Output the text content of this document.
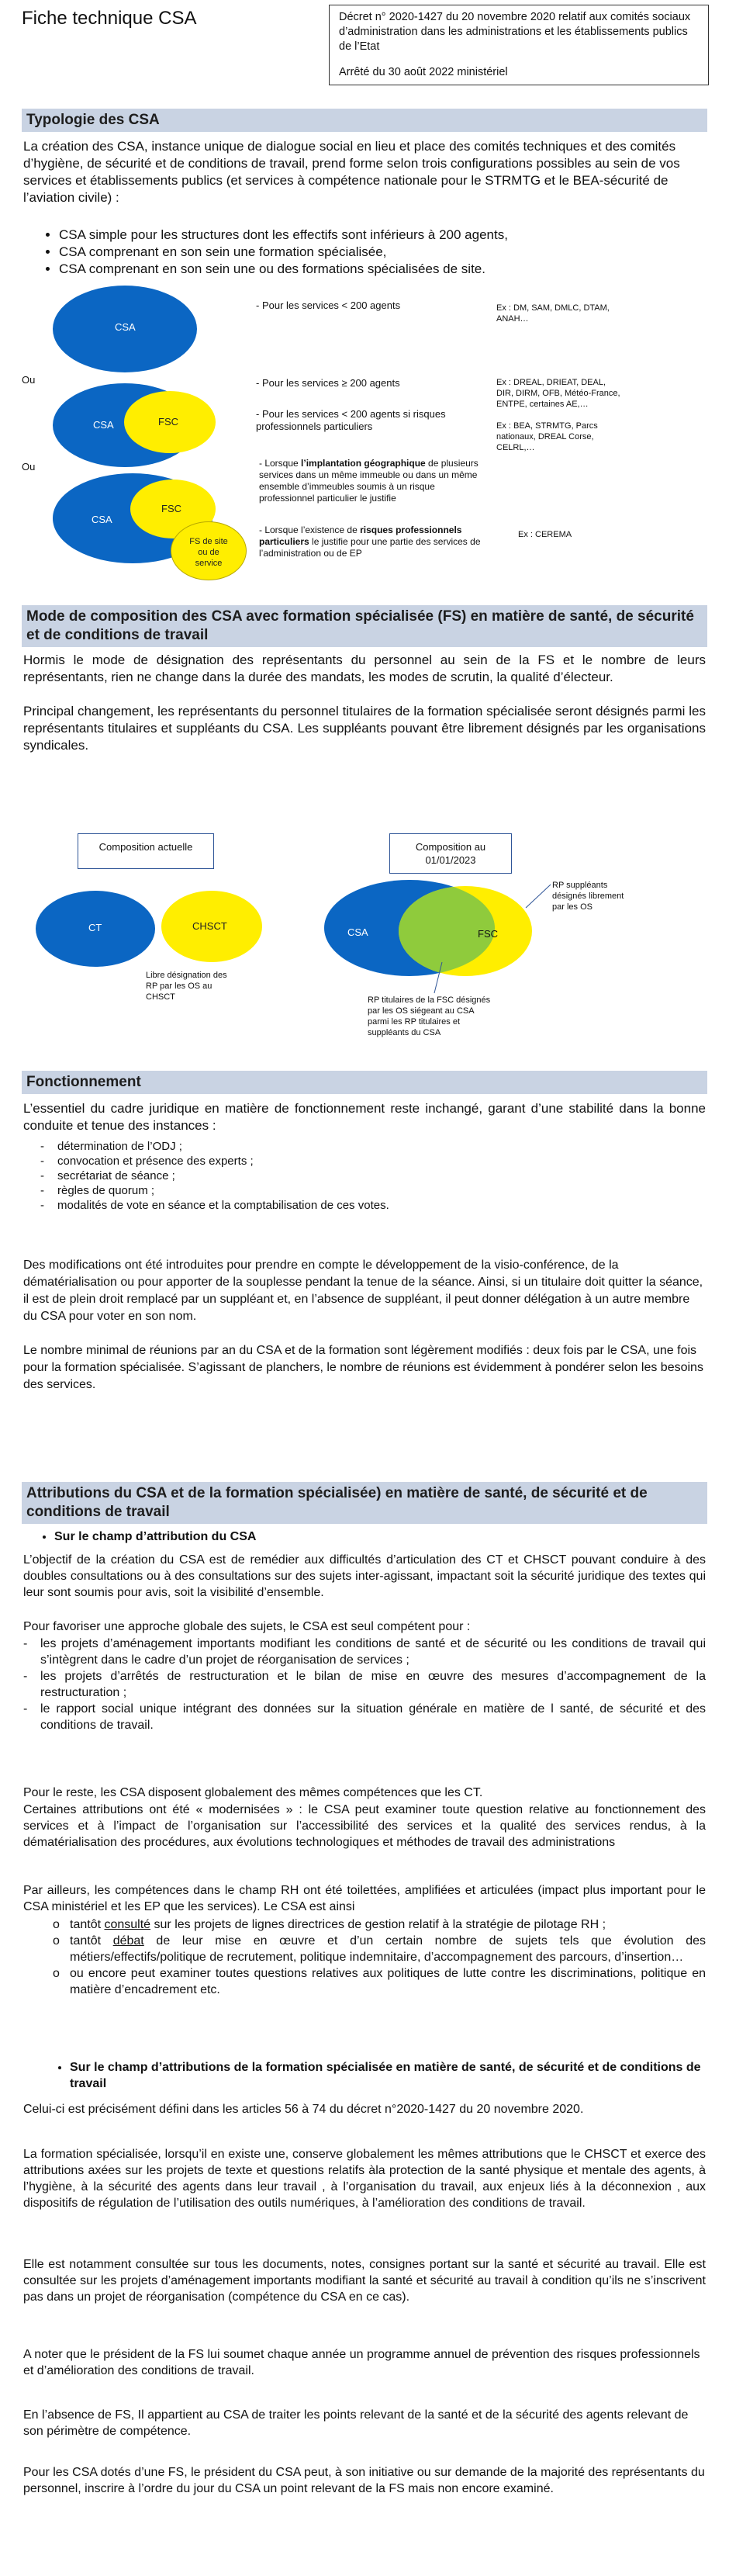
Fiche technique CSA	Décret n° 2020-1427 du 20 novembre 2020 relatif aux comités sociaux d’administration dans les administrations et les établissements publics de l’Etat
Arrêté du 30 août 2022 ministériel
Typologie des CSA
La création des CSA, instance unique de dialogue social en lieu et place des comités techniques et des comités d’hygiène, de sécurité et de conditions de travail, prend forme selon trois configurations possibles au sein de vos services et établissements publics (et services à compétence nationale pour le STRMTG et le BEA-sécurité de l’aviation civile) :
• CSA simple pour les structures dont les effectifs sont inférieurs à 200 agents,
• CSA comprenant en son sein une formation spécialisée,
• CSA comprenant en son sein une ou des formations spécialisées de site.
CSA
Ou
CSA	FSC
Ou
CSA
FSC
FS de site ou de service
- Pour les services < 200 agents	Ex : DM, SAM, DMLC, DTAM, ANAH…
- Pour les services ≥ 200 agents
- Pour les services < 200 agents si risques professionnels particuliers
Ex : DREAL, DRIEAT, DEAL, DIR, DIRM, OFB, Météo-France, ENTPE, certaines AE,…
Ex : BEA, STRMTG, Parcs nationaux, DREAL Corse, CELRL,…
- Lorsque l’implantation géographique de plusieurs services dans un même immeuble ou dans un même ensemble d’immeubles soumis à un risque professionnel particulier le justifie
- Lorsque l’existence de risques professionnels particuliers le justifie pour une partie des services de l’administration ou de EP
Ex : CEREMA
Mode de composition des CSA avec formation spécialisée (FS) en matière de santé, de sécurité et de conditions de travail
Hormis le mode de désignation des représentants du personnel au sein de la FS et le nombre de leurs représentants, rien ne change dans la durée des mandats, les modes de scrutin, la qualité d’électeur.
Principal changement, les représentants du personnel titulaires de la formation spécialisée seront désignés parmi les représentants titulaires et suppléants du CSA. Les suppléants pouvant être librement désignés par les organisations syndicales.
Composition actuelle	Composition au 01/01/2023
CT	CHSCT
Libre désignation des RP par les OS au CHSCT
CSA	FSC
RP suppléants désignés librement par les OS
RP titulaires de la FSC désignés par les OS siégeant au CSA parmi les RP titulaires et suppléants du CSA
Fonctionnement
L’essentiel du cadre juridique en matière de fonctionnement reste inchangé, garant d’une stabilité dans la bonne conduite et tenue des instances :
- détermination de l’ODJ ;
- convocation et présence des experts ;
- secrétariat de séance ;
- règles de quorum ;
- modalités de vote en séance et la comptabilisation de ces votes.
Des modifications ont été introduites pour prendre en compte le développement de la visio-conférence, de la dématérialisation ou pour apporter de la souplesse pendant la tenue de la séance. Ainsi, si un titulaire doit quitter la séance, il est de plein droit remplacé par un suppléant et, en l’absence de suppléant, il peut donner délégation à un autre membre du CSA pour voter en son nom.
Le nombre minimal de réunions par an du CSA et de la formation sont légèrement modifiés : deux fois par le CSA, une fois pour la formation spécialisée. S’agissant de planchers, le nombre de réunions est évidemment à pondérer selon les besoins des services.
Attributions du CSA et de la formation spécialisée) en matière de santé, de sécurité et de conditions de travail
• Sur le champ d’attribution du CSA
L’objectif de la création du CSA est de remédier aux difficultés d’articulation des CT et CHSCT pouvant conduire à des doubles consultations ou à des consultations sur des sujets inter-agissant, impactant soit la sécurité juridique des textes qui leur sont soumis pour avis, soit la visibilité d’ensemble.
Pour favoriser une approche globale des sujets, le CSA est seul compétent pour :
- les projets d’aménagement importants modifiant les conditions de santé et de sécurité ou les conditions de travail qui s’intègrent dans le cadre d’un projet de réorganisation de services ;
- les projets d’arrêtés de restructuration et le bilan de mise en œuvre des mesures d’accompagnement de la restructuration ;
- le rapport social unique intégrant des données sur la situation générale en matière de l santé, de sécurité et des conditions de travail.
Pour le reste, les CSA disposent globalement des mêmes compétences que les CT.
Certaines attributions ont été « modernisées » : le CSA peut examiner toute question relative au fonctionnement des services et à l’impact de l’organisation sur l’accessibilité des services et la qualité des services rendus, à la dématérialisation des procédures, aux évolutions technologiques et méthodes de travail des administrations
Par ailleurs, les compétences dans le champ RH ont été toilettées, amplifiées et articulées (impact plus important pour le CSA ministériel et les EP que les services). Le CSA est ainsi
o tantôt consulté sur les projets de lignes directrices de gestion relatif à la stratégie de pilotage RH ;
o tantôt débat de leur mise en œuvre et d’un certain nombre de sujets tels que évolution des métiers/effectifs/politique de recrutement, politique indemnitaire, d’accompagnement des parcours, d’insertion…
o ou encore peut examiner toutes questions relatives aux politiques de lutte contre les discriminations, politique en matière d’encadrement etc.
• Sur le champ d’attributions de la formation spécialisée en matière de santé, de sécurité et de conditions de travail
Celui-ci est précisément défini dans les articles 56 à 74 du décret n°2020-1427 du 20 novembre 2020.
La formation spécialisée, lorsqu’il en existe une, conserve globalement les mêmes attributions que le CHSCT et exerce des attributions axées sur les projets de texte et questions relatifs àla protection de la santé physique et mentale des agents, à l’hygiène, à la sécurité des agents dans leur travail , à l’organisation du travail, aux enjeux liés à la déconnexion , aux dispositifs de régulation de l’utilisation des outils numériques, à l’amélioration des conditions de travail.
Elle est notamment consultée sur tous les documents, notes, consignes portant sur la santé et sécurité au travail. Elle est consultée sur les projets d’aménagement importants modifiant la santé et sécurité au travail à condition qu’ils ne s’inscrivent pas dans un projet de réorganisation (compétence du CSA en ce cas).
A noter que le président de la FS lui soumet chaque année un programme annuel de prévention des risques professionnels et d’amélioration des conditions de travail.
En l’absence de FS, Il appartient au CSA de traiter les points relevant de la santé et de la sécurité des agents relevant de son périmètre de compétence.
Pour les CSA dotés d’une FS, le président du CSA peut, à son initiative ou sur demande de la majorité des représentants du personnel, inscrire à l’ordre du jour du CSA un point relevant de la FS mais non encore examiné.
